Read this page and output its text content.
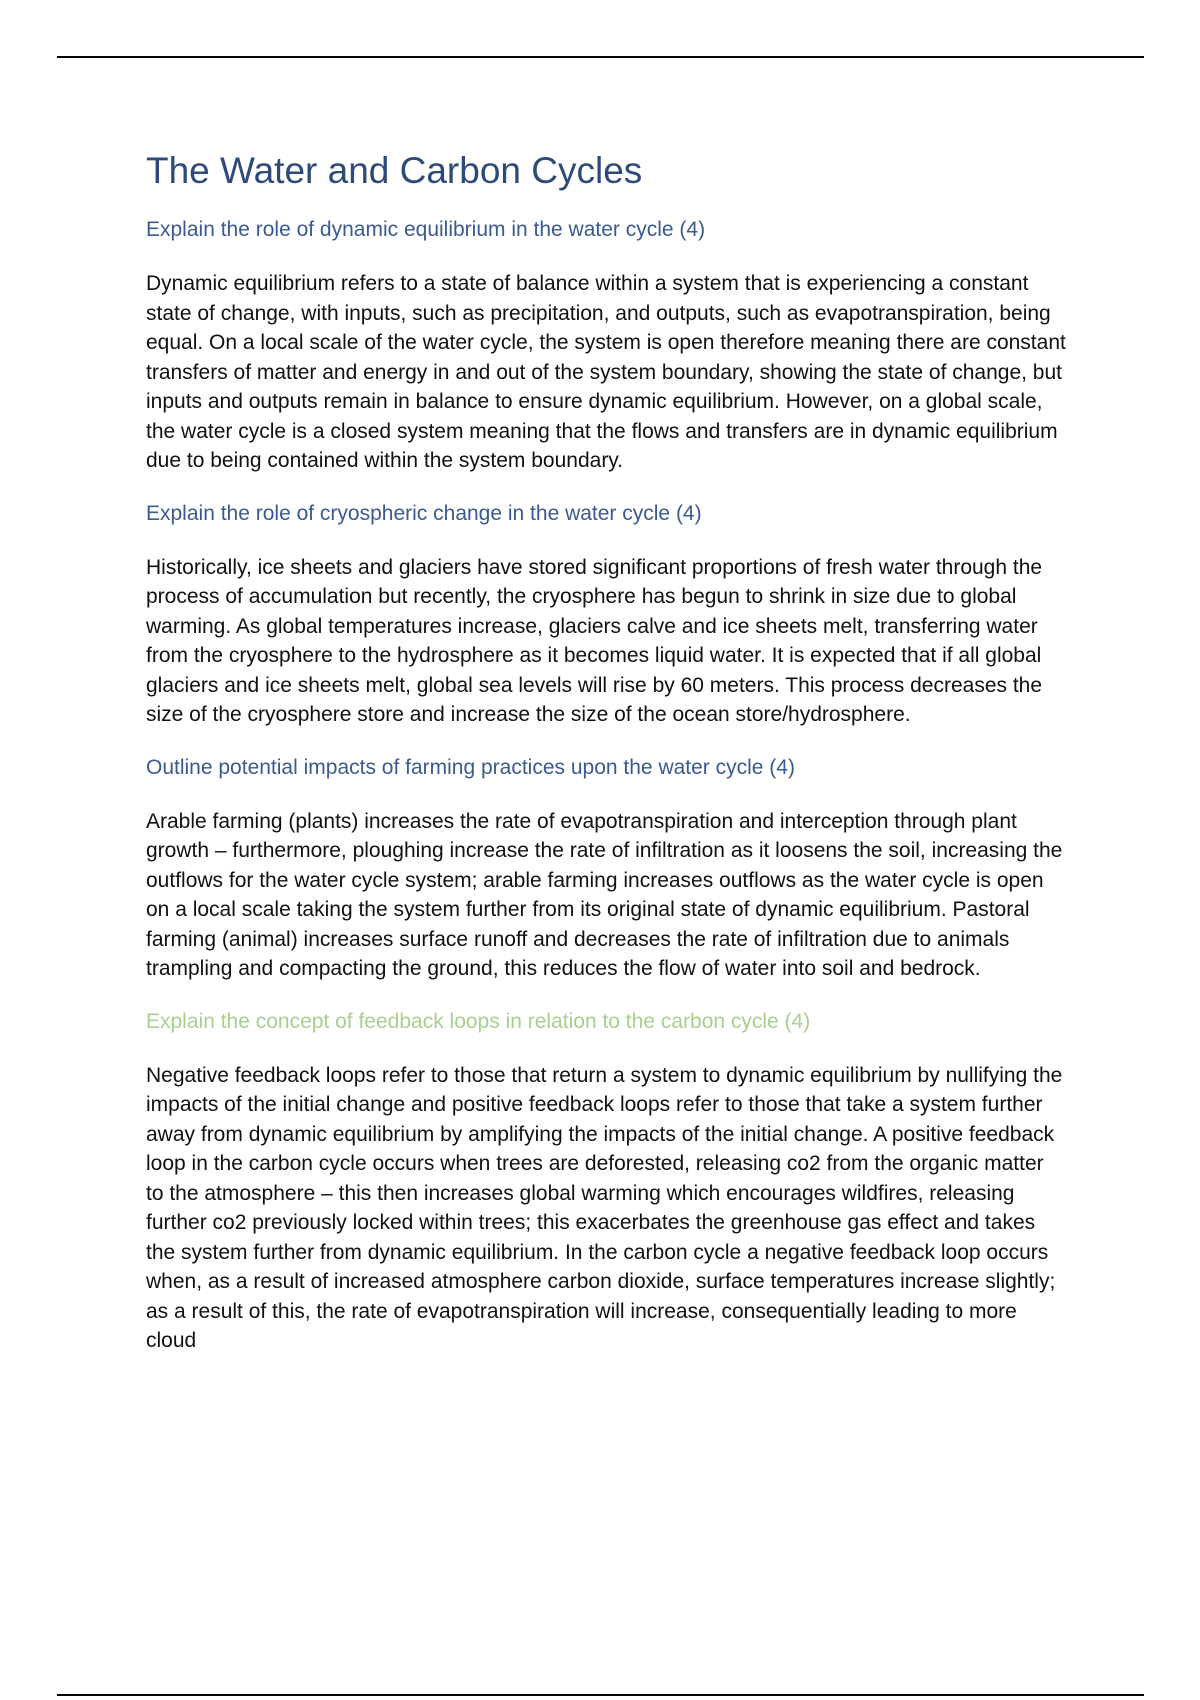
The Water and Carbon Cycles
Explain the role of dynamic equilibrium in the water cycle (4)

Dynamic equilibrium refers to a state of balance within a system that is experiencing a constant state of change, with inputs, such as precipitation, and outputs, such as evapotranspiration, being equal. On a local scale of the water cycle, the system is open therefore meaning there are constant transfers of matter and energy in and out of the system boundary, showing the state of change, but inputs and outputs remain in balance to ensure dynamic equilibrium. However, on a global scale, the water cycle is a closed system meaning that the flows and transfers are in dynamic equilibrium due to being contained within the system boundary.

Explain the role of cryospheric change in the water cycle (4)

Historically, ice sheets and glaciers have stored significant proportions of fresh water through the process of accumulation but recently, the cryosphere has begun to shrink in size due to global warming. As global temperatures increase, glaciers calve and ice sheets melt, transferring water from the cryosphere to the hydrosphere as it becomes liquid water. It is expected that if all global glaciers and ice sheets melt, global sea levels will rise by 60 meters. This process decreases the size of the cryosphere store and increase the size of the ocean store/hydrosphere.

Outline potential impacts of farming practices upon the water cycle (4)

Arable farming (plants) increases the rate of evapotranspiration and interception through plant growth – furthermore, ploughing increase the rate of infiltration as it loosens the soil, increasing the outflows for the water cycle system; arable farming increases outflows as the water cycle is open on a local scale taking the system further from its original state of dynamic equilibrium. Pastoral farming (animal) increases surface runoff and decreases the rate of infiltration due to animals trampling and compacting the ground, this reduces the flow of water into soil and bedrock.

Explain the concept of feedback loops in relation to the carbon cycle (4)

Negative feedback loops refer to those that return a system to dynamic equilibrium by nullifying the impacts of the initial change and positive feedback loops refer to those that take a system further away from dynamic equilibrium by amplifying the impacts of the initial change. A positive feedback loop in the carbon cycle occurs when trees are deforested, releasing co2 from the organic matter to the atmosphere – this then increases global warming which encourages wildfires, releasing further co2 previously locked within trees; this exacerbates the greenhouse gas effect and takes the system further from dynamic equilibrium. In the carbon cycle a negative feedback loop occurs when, as a result of increased atmosphere carbon dioxide, surface temperatures increase slightly; as a result of this, the rate of evapotranspiration will increase, consequentially leading to more cloud
